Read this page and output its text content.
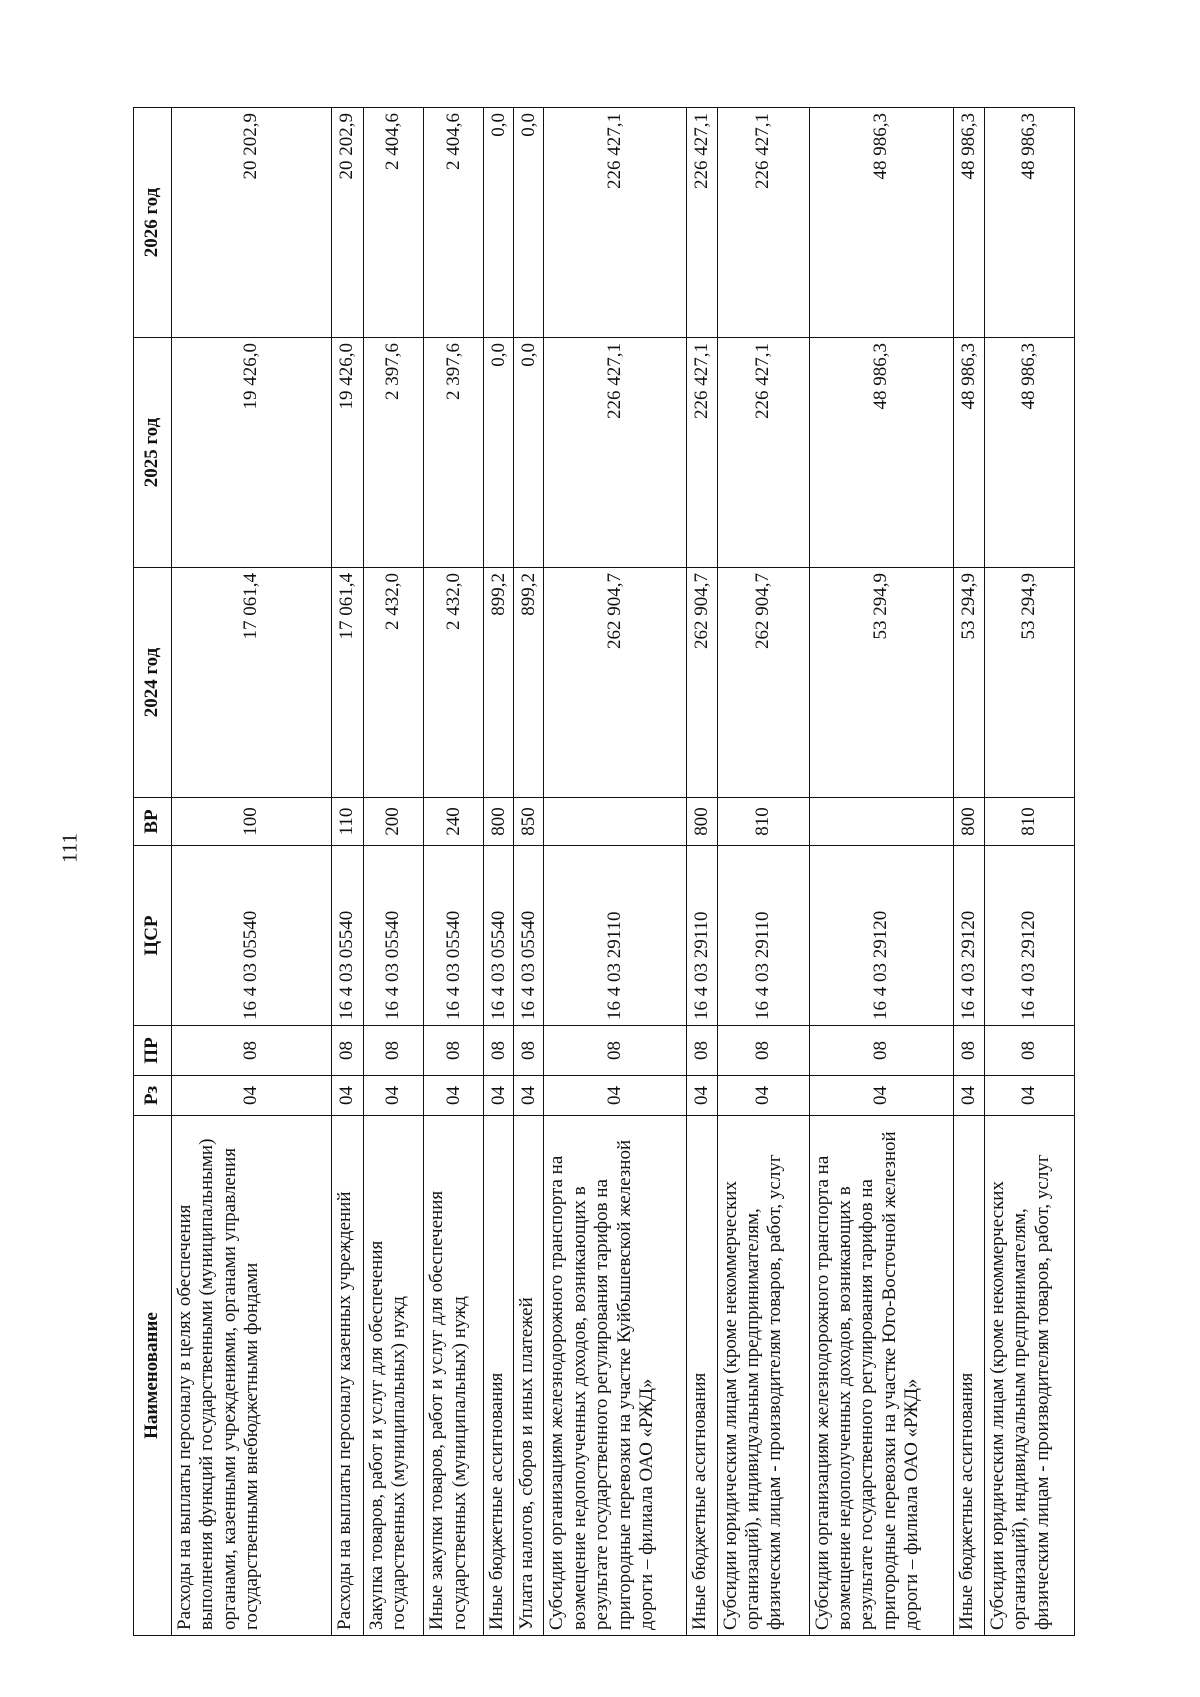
111
Наименование	Рз	ПР	ЦСР	ВР	2024 год	2025 год	2026 год
Расходы на выплаты персоналу в целях обеспечения выполнения функций государственными (муниципальными) органами, казенными учреждениями, органами управления государственными внебюджетными фондами	04	08	16 4 03 05540	100	17 061,4	19 426,0	20 202,9
Расходы на выплаты персоналу казенных учреждений	04	08	16 4 03 05540	110	17 061,4	19 426,0	20 202,9
Закупка товаров, работ и услуг для обеспечения государственных (муниципальных) нужд	04	08	16 4 03 05540	200	2 432,0	2 397,6	2 404,6
Иные закупки товаров, работ и услуг для обеспечения государственных (муниципальных) нужд	04	08	16 4 03 05540	240	2 432,0	2 397,6	2 404,6
Иные бюджетные ассигнования	04	08	16 4 03 05540	800	899,2	0,0	0,0
Уплата налогов, сборов и иных платежей	04	08	16 4 03 05540	850	899,2	0,0	0,0
Субсидии организациям железнодорожного транспорта на возмещение недополученных доходов, возникающих в результате государственного регулирования тарифов на пригородные перевозки на участке Куйбышевской железной дороги – филиала ОАО «РЖД»	04	08	16 4 03 29110		262 904,7	226 427,1	226 427,1
Иные бюджетные ассигнования	04	08	16 4 03 29110	800	262 904,7	226 427,1	226 427,1
Субсидии юридическим лицам (кроме некоммерческих организаций), индивидуальным предпринимателям, физическим лицам - производителям товаров, работ, услуг	04	08	16 4 03 29110	810	262 904,7	226 427,1	226 427,1
Субсидии организациям железнодорожного транспорта на возмещение недополученных доходов, возникающих в результате государственного регулирования тарифов на пригородные перевозки на участке Юго-Восточной железной дороги – филиала ОАО «РЖД»	04	08	16 4 03 29120		53 294,9	48 986,3	48 986,3
Иные бюджетные ассигнования	04	08	16 4 03 29120	800	53 294,9	48 986,3	48 986,3
Субсидии юридическим лицам (кроме некоммерческих организаций), индивидуальным предпринимателям, физическим лицам - производителям товаров, работ, услуг	04	08	16 4 03 29120	810	53 294,9	48 986,3	48 986,3
